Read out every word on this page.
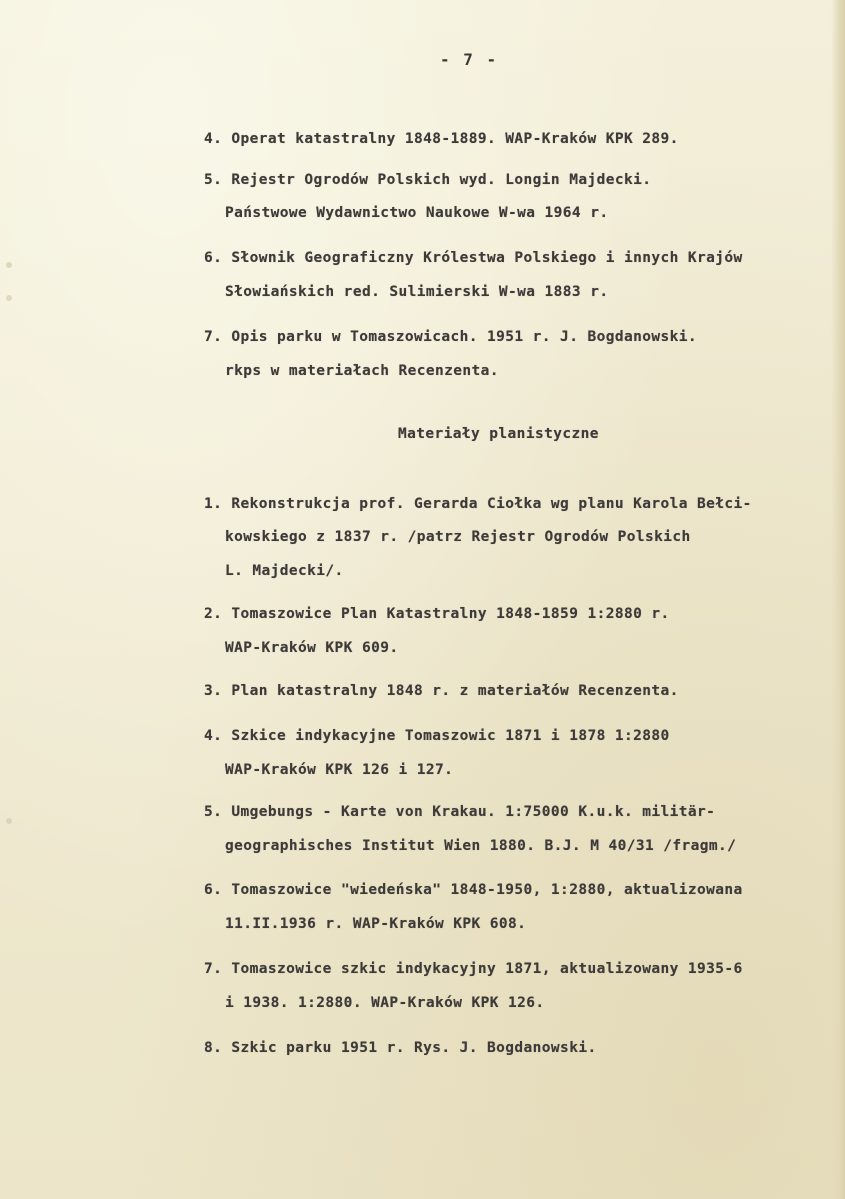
- 7 -
4. Operat katastralny 1848-1889. WAP-Kraków KPK 289.
5. Rejestr Ogrodów Polskich wyd. Longin Majdecki.
Państwowe Wydawnictwo Naukowe W-wa 1964 r.
6. Słownik Geograficzny Królestwa Polskiego i innych Krajów
Słowiańskich red. Sulimierski W-wa 1883 r.
7. Opis parku w Tomaszowicach. 1951 r. J. Bogdanowski.
rkps w materiałach Recenzenta.
Materiały planistyczne
1. Rekonstrukcja prof. Gerarda Ciołka wg planu Karola Bełci-
kowskiego z 1837 r. /patrz Rejestr Ogrodów Polskich
L. Majdecki/.
2. Tomaszowice Plan Katastralny 1848-1859 1:2880 r.
WAP-Kraków KPK 609.
3. Plan katastralny 1848 r. z materiałów Recenzenta.
4. Szkice indykacyjne Tomaszowic 1871 i 1878 1:2880
WAP-Kraków KPK 126 i 127.
5. Umgebungs - Karte von Krakau. 1:75000 K.u.k. militär-
geographisches Institut Wien 1880. B.J. M 40/31 /fragm./
6. Tomaszowice "wiedeńska" 1848-1950, 1:2880, aktualizowana
11.II.1936 r. WAP-Kraków KPK 608.
7. Tomaszowice szkic indykacyjny 1871, aktualizowany 1935-6
i 1938. 1:2880. WAP-Kraków KPK 126.
8. Szkic parku 1951 r. Rys. J. Bogdanowski.
